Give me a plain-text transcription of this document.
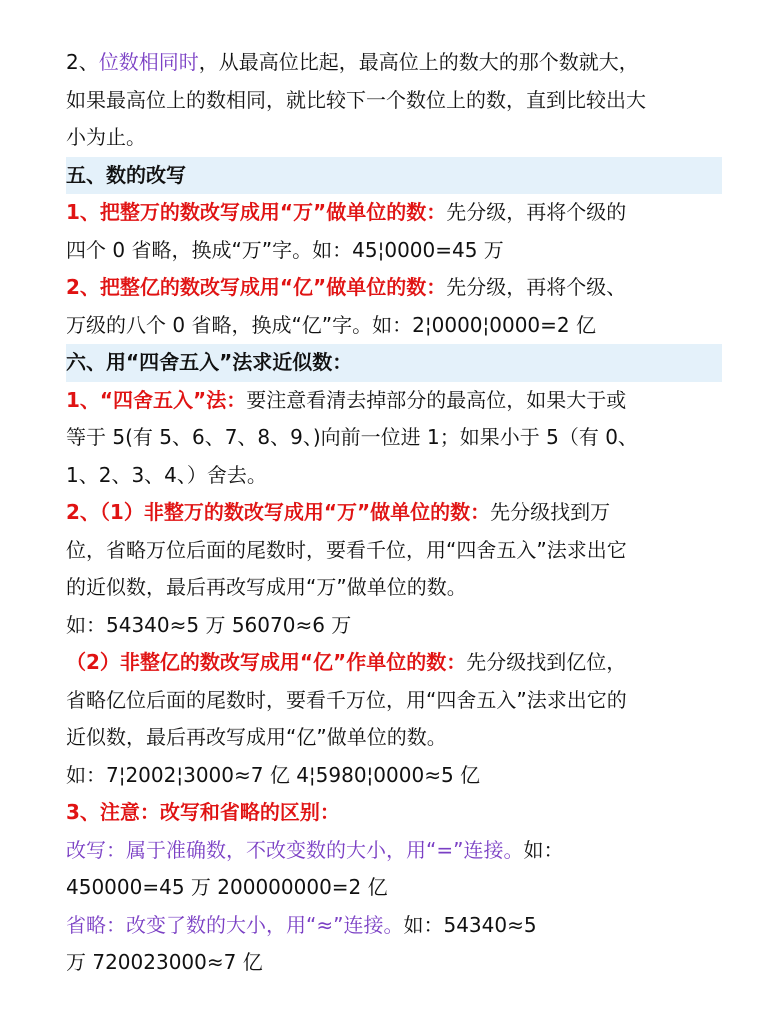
2、位数相同时，从最高位比起，最高位上的数大的那个数就大，
如果最高位上的数相同，就比较下一个数位上的数，直到比较出大
小为止。
五、数的改写
1、把整万的数改写成用“万”做单位的数：先分级，再将个级的
四个 0 省略，换成“万”字。如：45¦0000=45 万
2、把整亿的数改写成用“亿”做单位的数：先分级，再将个级、
万级的八个 0 省略，换成“亿”字。如：2¦0000¦0000=2 亿
六、用“四舍五入”法求近似数：
1、“四舍五入”法：要注意看清去掉部分的最高位，如果大于或
等于 5(有 5、6、7、8、9、)向前一位进 1；如果小于 5（有 0、
1、2、3、4、）舍去。
2、（1）非整万的数改写成用“万”做单位的数：先分级找到万
位，省略万位后面的尾数时，要看千位，用“四舍五入”法求出它
的近似数，最后再改写成用“万”做单位的数。
如：54340≈5 万 56070≈6 万
（2）非整亿的数改写成用“亿”作单位的数：先分级找到亿位，
省略亿位后面的尾数时，要看千万位，用“四舍五入”法求出它的
近似数，最后再改写成用“亿”做单位的数。
如：7¦2002¦3000≈7 亿 4¦5980¦0000≈5 亿
3、注意：改写和省略的区别：
改写：属于准确数，不改变数的大小，用“=”连接。如：
450000=45 万 200000000=2 亿
省略：改变了数的大小，用“≈”连接。如：54340≈5
万 720023000≈7 亿
